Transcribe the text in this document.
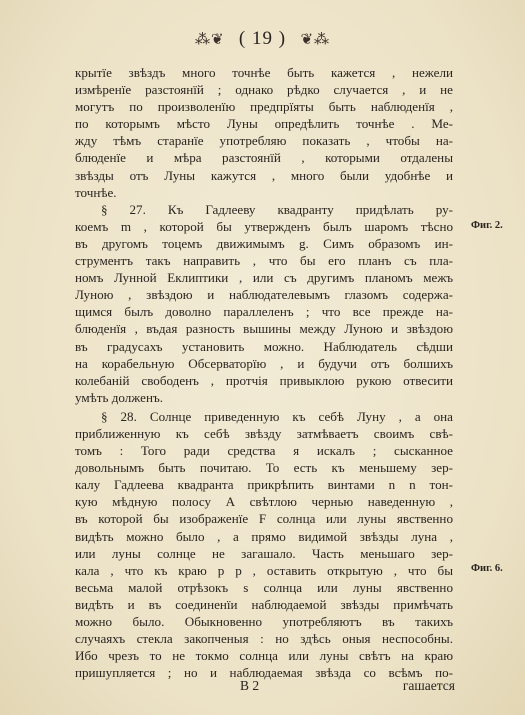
⁂❦ ( 19 ) ❦⁂
крытїе звѣздъ много точнѣе быть кажется , нежели
измѣренїе разстоянїй ; однако рѣдко случается , и не
могутъ по произволенїю предпрїяты быть наблюденїя ,
по которымъ мѣсто Луны опредѣлить точнѣе . Ме-
жду тѣмъ старанїе употребляю показать , чтобы на-
блюденїе и мѣра разстоянїй , которыми отдалены
звѣзды отъ Луны кажутся , много были удобнѣе и
точнѣе.
§ 27. Къ Гадлееву квадранту придѣлать ру-
коемъ m , которой бы утвержденъ былъ шаромъ тѣсно
въ другомъ тоцемъ движимымъ g. Симъ образомъ ин-
струментъ такъ направить , что бы его планъ съ пла-
номъ Лунной Еклиптики , или съ другимъ планомъ межъ
Луною , звѣздою и наблюдателевымъ глазомъ содержа-
щимся былъ доволно параллеленъ ; что все прежде на-
блюденїя , въдая разность вышины между Луною и звѣздою
въ градусахъ установить можно. Наблюдатель сѣдши
на корабельную Обсерваторїю , и будучи отъ болшихъ
колебаній свободенъ , протчія привыклою рукою отвесити
умѣть долженъ.
§ 28. Солнце приведенную къ себѣ Луну , а она
приближенную къ себѣ звѣзду затмѣваетъ своимъ свѣ-
томъ : Того ради средства я искалъ ; сысканное
довольнымъ быть почитаю. То есть къ меньшему зер-
калу Гадлеева квадранта прикрѣпить винтами n n тон-
кую мѣдную полосу А свѣтлою чернью наведенную ,
въ которой бы изображенїе F солнца или луны явственно
видѣть можно было , а прямо видимой звѣзды луна ,
или луны солнце не загашало. Часть меньшаго зер-
кала , что къ краю p p , оставить открытую , что бы
весьма малой отрѣзокъ s солнца или луны явственно
видѣть и въ соединенїи наблюдаемой звѣзды примѣчать
можно было. Обыкновенно употребляютъ въ такихъ
случаяхъ стекла закопченыя : но здѣсь оныя неспособны.
Ибо чрезъ то не токмо солнца или луны свѣтъ на краю
пришупляется ; но и наблюдаемая звѣзда со всѣмъ по-
Фиг. 2.
Фиг. 6.
В 2	гашается
